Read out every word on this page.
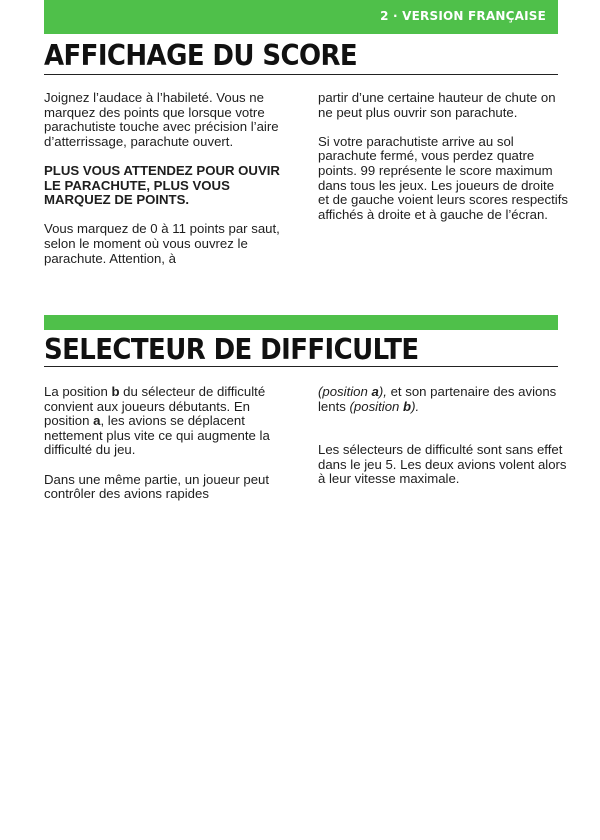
2 · VERSION FRANÇAISE
AFFICHAGE DU SCORE

Joignez l’audace à l’habileté. Vous ne marquez des points que lorsque votre parachutiste touche avec précision l’aire d’atterrissage, parachute ouvert.

PLUS VOUS ATTENDEZ POUR OUVIR LE PARACHUTE, PLUS VOUS MARQUEZ DE POINTS.

Vous marquez de 0 à 11 points par saut, selon le moment où vous ouvrez le parachute. Attention, à

partir d’une certaine hauteur de chute on ne peut plus ouvrir son parachute.

Si votre parachutiste arrive au sol parachute fermé, vous perdez quatre points. 99 représente le score maximum dans tous les jeux. Les joueurs de droite et de gauche voient leurs scores respectifs affichés à droite et à gauche de l’écran.

SELECTEUR DE DIFFICULTE

La position b du sélecteur de difficulté convient aux joueurs débutants. En position a, les avions se déplacent nettement plus vite ce qui augmente la difficulté du jeu.

Dans une même partie, un joueur peut contrôler des avions rapides

(position a), et son partenaire des avions lents (position b).

Les sélecteurs de difficulté sont sans effet dans le jeu 5. Les deux avions volent alors à leur vitesse maximale.
